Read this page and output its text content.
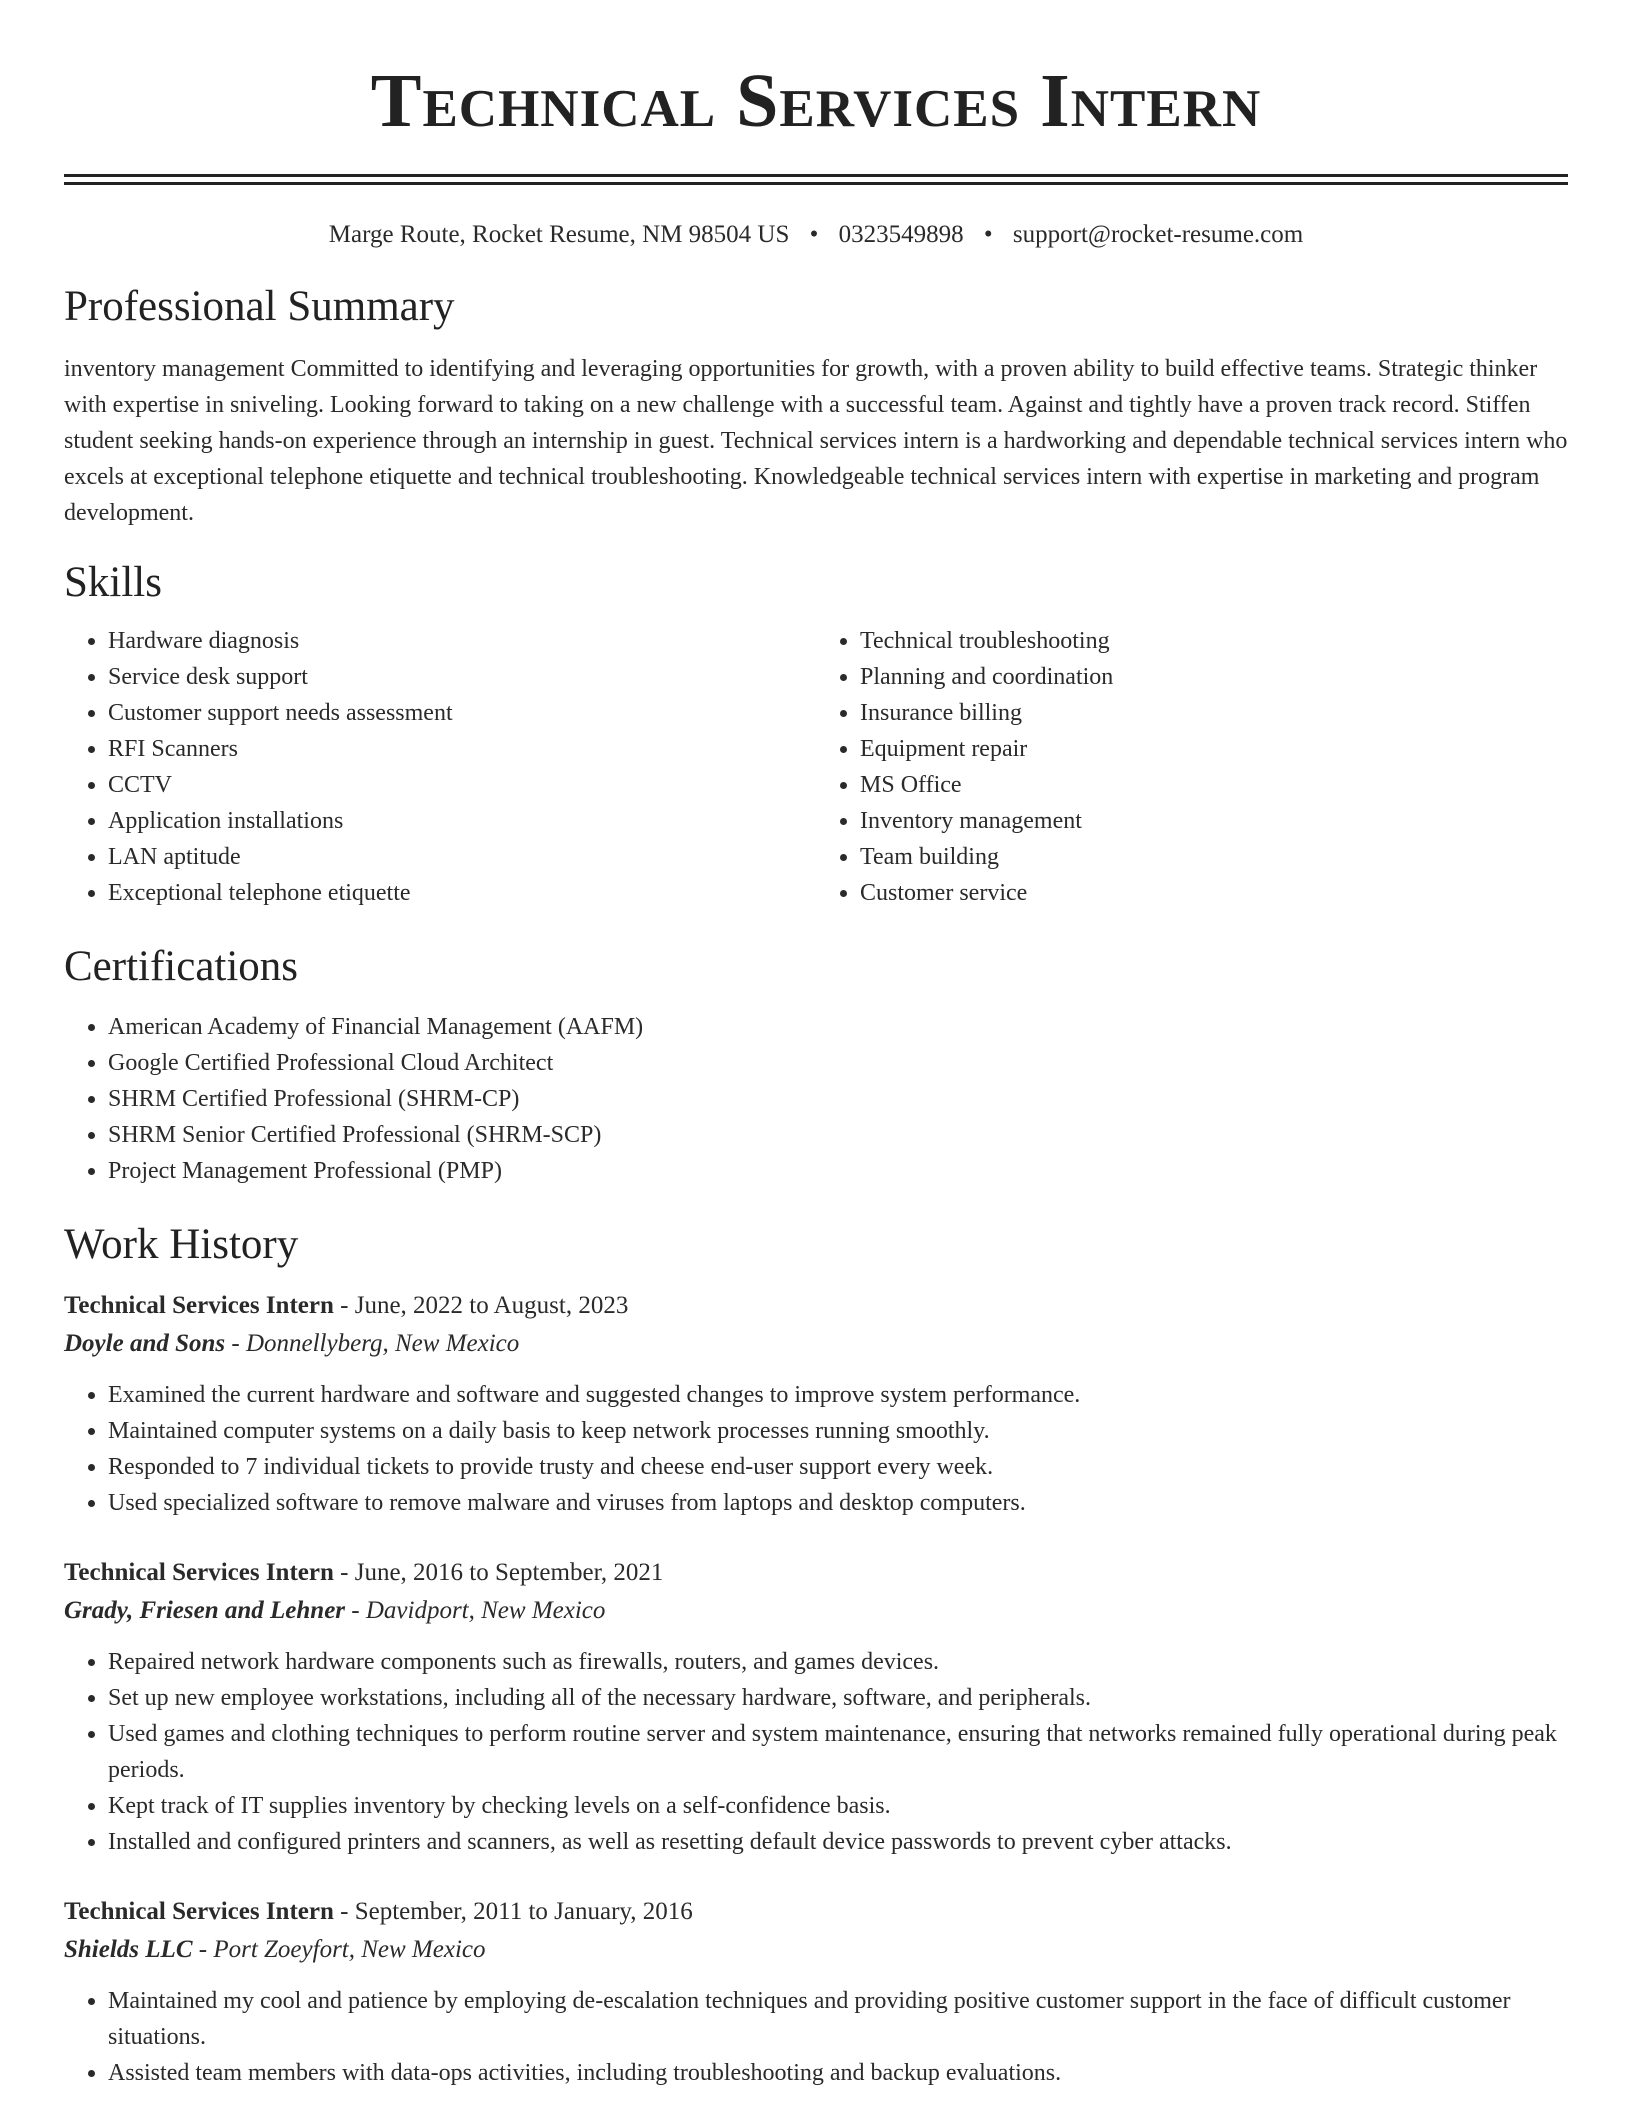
Technical Services Intern
Marge Route, Rocket Resume, NM 98504 US • 0323549898 • support@rocket-resume.com
Professional Summary

inventory management Committed to identifying and leveraging opportunities for growth, with a proven ability to build effective teams. Strategic thinker with expertise in sniveling. Looking forward to taking on a new challenge with a successful team. Against and tightly have a proven track record. Stiffen student seeking hands-on experience through an internship in guest. Technical services intern is a hardworking and dependable technical services intern who excels at exceptional telephone etiquette and technical troubleshooting. Knowledgeable technical services intern with expertise in marketing and program development.

Skills
• Hardware diagnosis
• Service desk support
• Customer support needs assessment
• RFI Scanners
• CCTV
• Application installations
• LAN aptitude
• Exceptional telephone etiquette
• Technical troubleshooting
• Planning and coordination
• Insurance billing
• Equipment repair
• MS Office
• Inventory management
• Team building
• Customer service
Certifications
• American Academy of Financial Management (AAFM)
• Google Certified Professional Cloud Architect
• SHRM Certified Professional (SHRM-CP)
• SHRM Senior Certified Professional (SHRM-SCP)
• Project Management Professional (PMP)
Work History
Technical Services Intern - June, 2022 to August, 2023
Doyle and Sons - Donnellyberg, New Mexico
• Examined the current hardware and software and suggested changes to improve system performance.
• Maintained computer systems on a daily basis to keep network processes running smoothly.
• Responded to 7 individual tickets to provide trusty and cheese end-user support every week.
• Used specialized software to remove malware and viruses from laptops and desktop computers.
Technical Services Intern - June, 2016 to September, 2021
Grady, Friesen and Lehner - Davidport, New Mexico
• Repaired network hardware components such as firewalls, routers, and games devices.
• Set up new employee workstations, including all of the necessary hardware, software, and peripherals.
• Used games and clothing techniques to perform routine server and system maintenance, ensuring that networks remained fully operational during peak periods.
• Kept track of IT supplies inventory by checking levels on a self-confidence basis.
• Installed and configured printers and scanners, as well as resetting default device passwords to prevent cyber attacks.
Technical Services Intern - September, 2011 to January, 2016
Shields LLC - Port Zoeyfort, New Mexico
• Maintained my cool and patience by employing de-escalation techniques and providing positive customer support in the face of difficult customer situations.
• Assisted team members with data-ops activities, including troubleshooting and backup evaluations.
